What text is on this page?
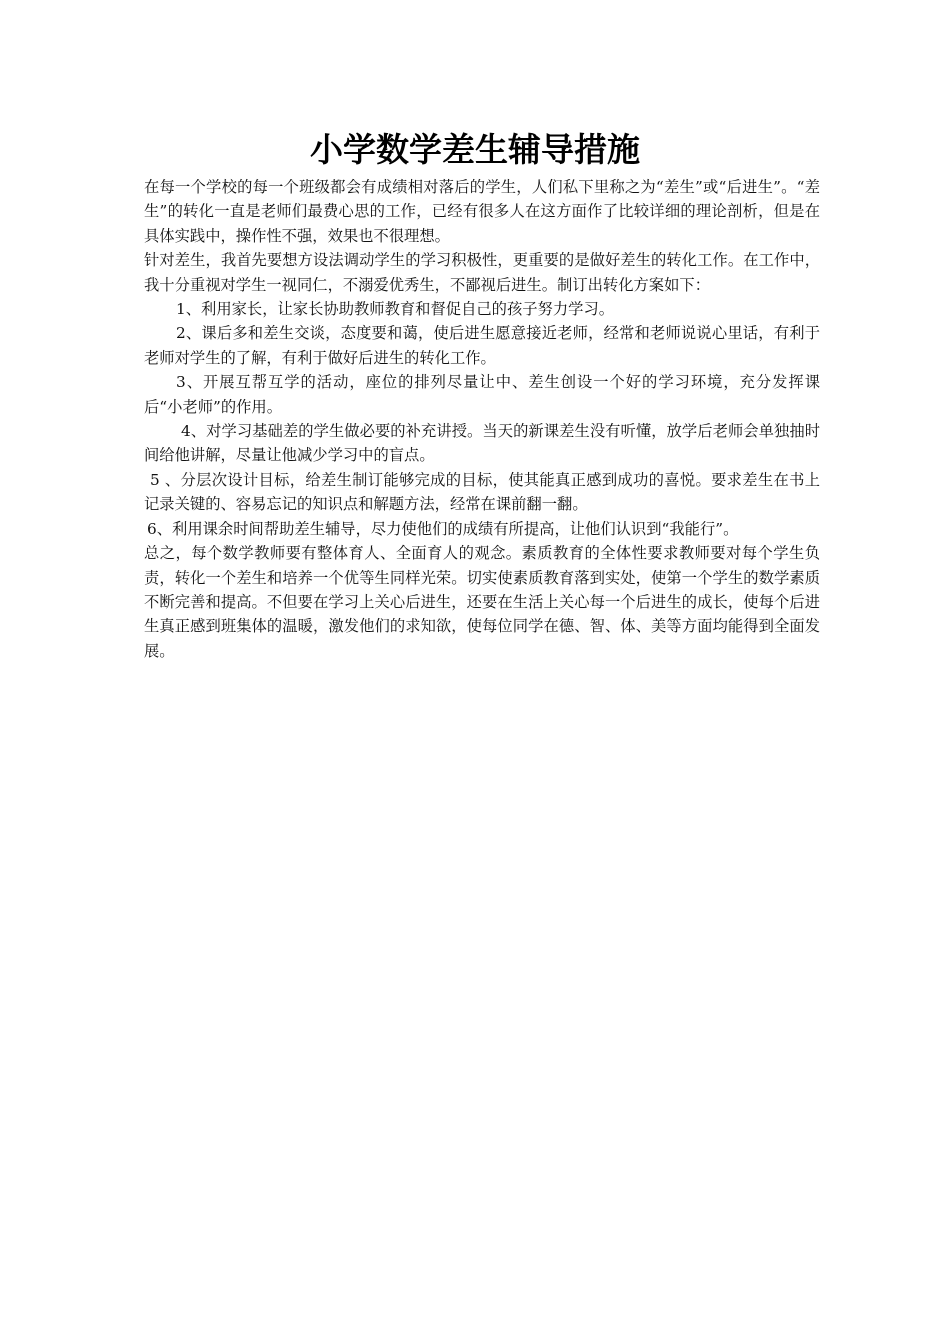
小学数学差生辅导措施

在每一个学校的每一个班级都会有成绩相对落后的学生，人们私下里称之为“差生”或“后进生”。“差生”的转化一直是老师们最费心思的工作，已经有很多人在这方面作了比较详细的理论剖析，但是在具体实践中，操作性不强，效果也不很理想。

针对差生，我首先要想方设法调动学生的学习积极性，更重要的是做好差生的转化工作。在工作中，我十分重视对学生一视同仁，不溺爱优秀生，不鄙视后进生。制订出转化方案如下：

1、利用家长，让家长协助教师教育和督促自己的孩子努力学习。

2、课后多和差生交谈，态度要和蔼，使后进生愿意接近老师，经常和老师说说心里话，有利于老师对学生的了解，有利于做好后进生的转化工作。

3、开展互帮互学的活动，座位的排列尽量让中、差生创设一个好的学习环境，充分发挥课后“小老师”的作用。

4、对学习基础差的学生做必要的补充讲授。当天的新课差生没有听懂，放学后老师会单独抽时间给他讲解，尽量让他减少学习中的盲点。

5 、分层次设计目标，给差生制订能够完成的目标，使其能真正感到成功的喜悦。要求差生在书上记录关键的、容易忘记的知识点和解题方法，经常在课前翻一翻。

6、利用课余时间帮助差生辅导，尽力使他们的成绩有所提高，让他们认识到“我能行”。

总之，每个数学教师要有整体育人、全面育人的观念。素质教育的全体性要求教师要对每个学生负责，转化一个差生和培养一个优等生同样光荣。切实使素质教育落到实处，使第一个学生的数学素质不断完善和提高。不但要在学习上关心后进生，还要在生活上关心每一个后进生的成长，使每个后进生真正感到班集体的温暖，激发他们的求知欲，使每位同学在德、智、体、美等方面均能得到全面发展。
